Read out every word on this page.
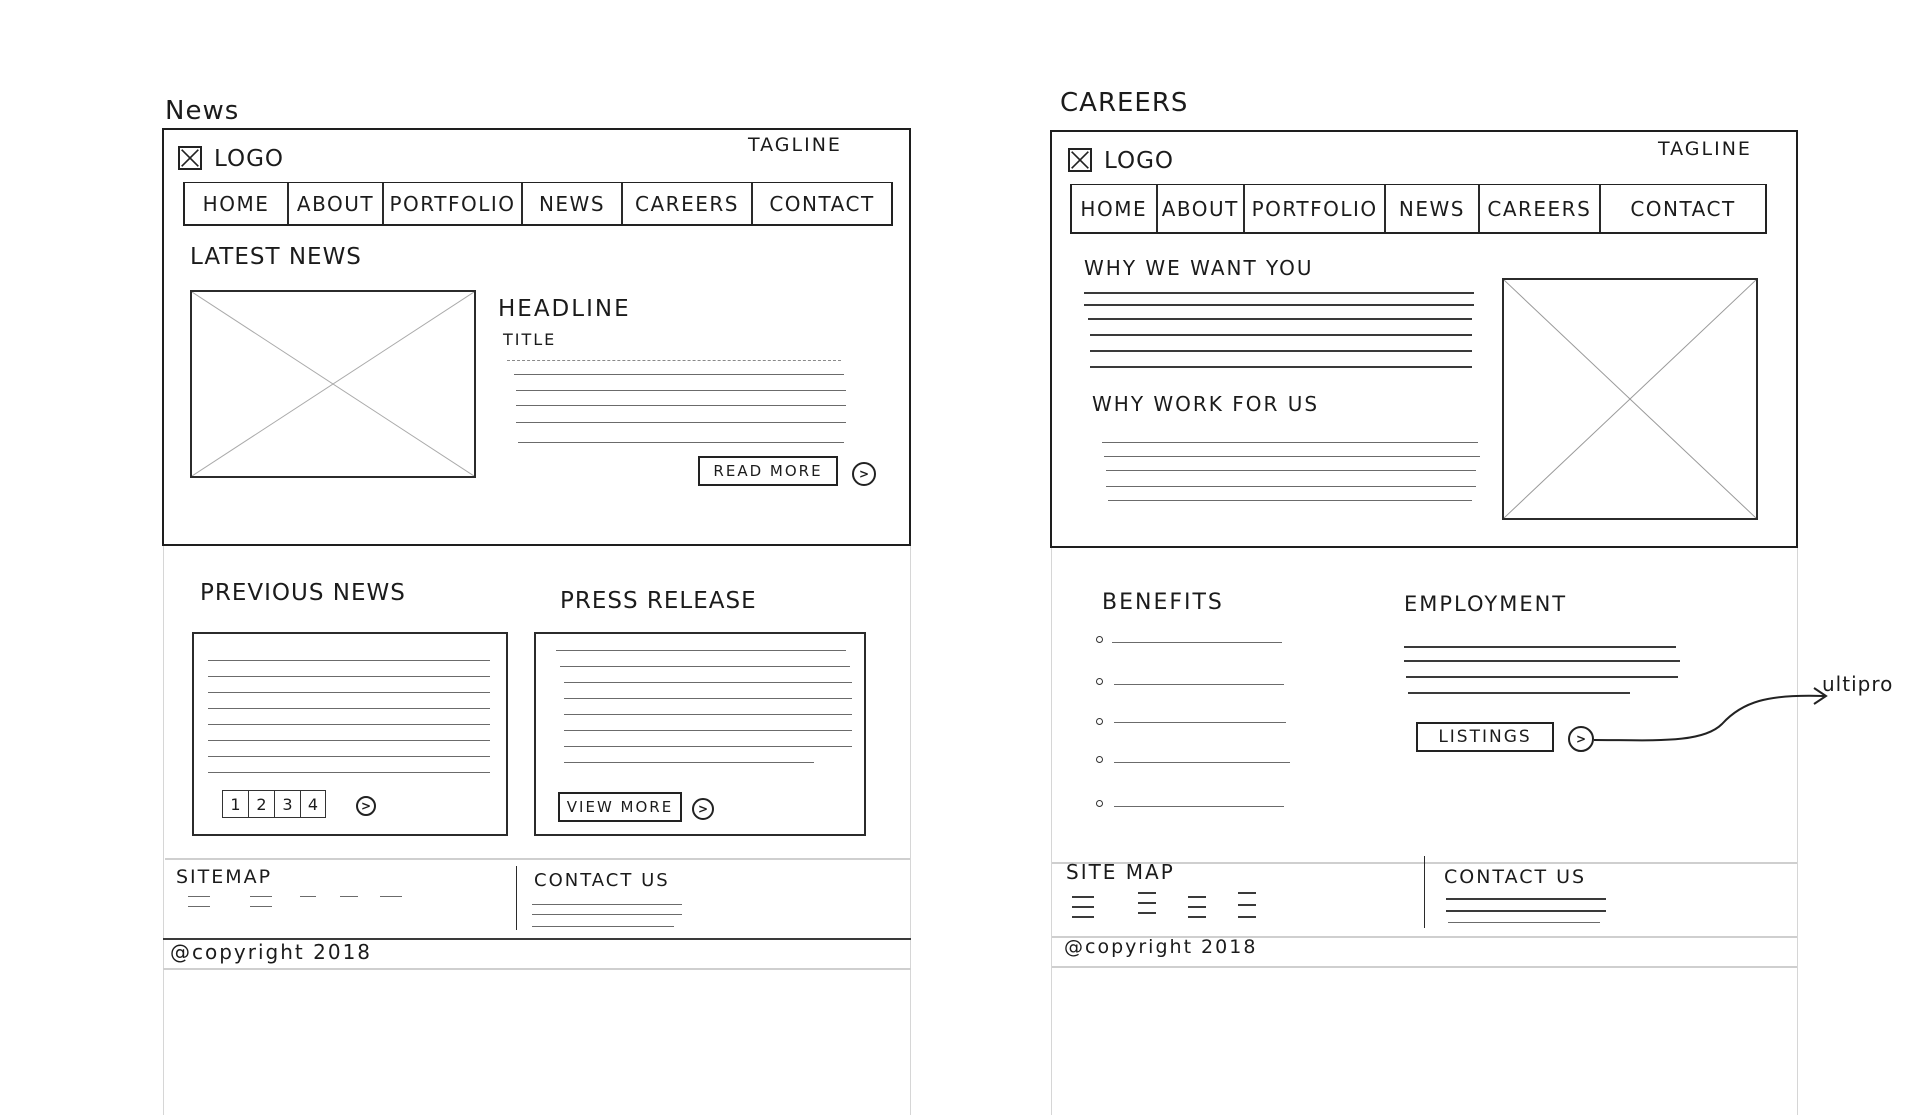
News
LOGO
TAGLINE
HOME	ABOUT PORTFOLIO	NEWS	CAREERS	CONTACT
LATEST NEWS
HEADLINE
TITLE
READ MORE	>
PREVIOUS NEWS
1 2 3 4	>
PRESS RELEASE
VIEW MORE	>
SITEMAP	CONTACT US
@copyright 2018
CAREERS
LOGO	TAGLINE
HOME ABOUT PORTFOLIO	NEWS	CAREERS	CONTACT
WHY WE WANT YOU
WHY WORK FOR US
BENEFITS	EMPLOYMENT
LISTINGS	>
ultipro
SITE MAP	CONTACT US
@copyright 2018
